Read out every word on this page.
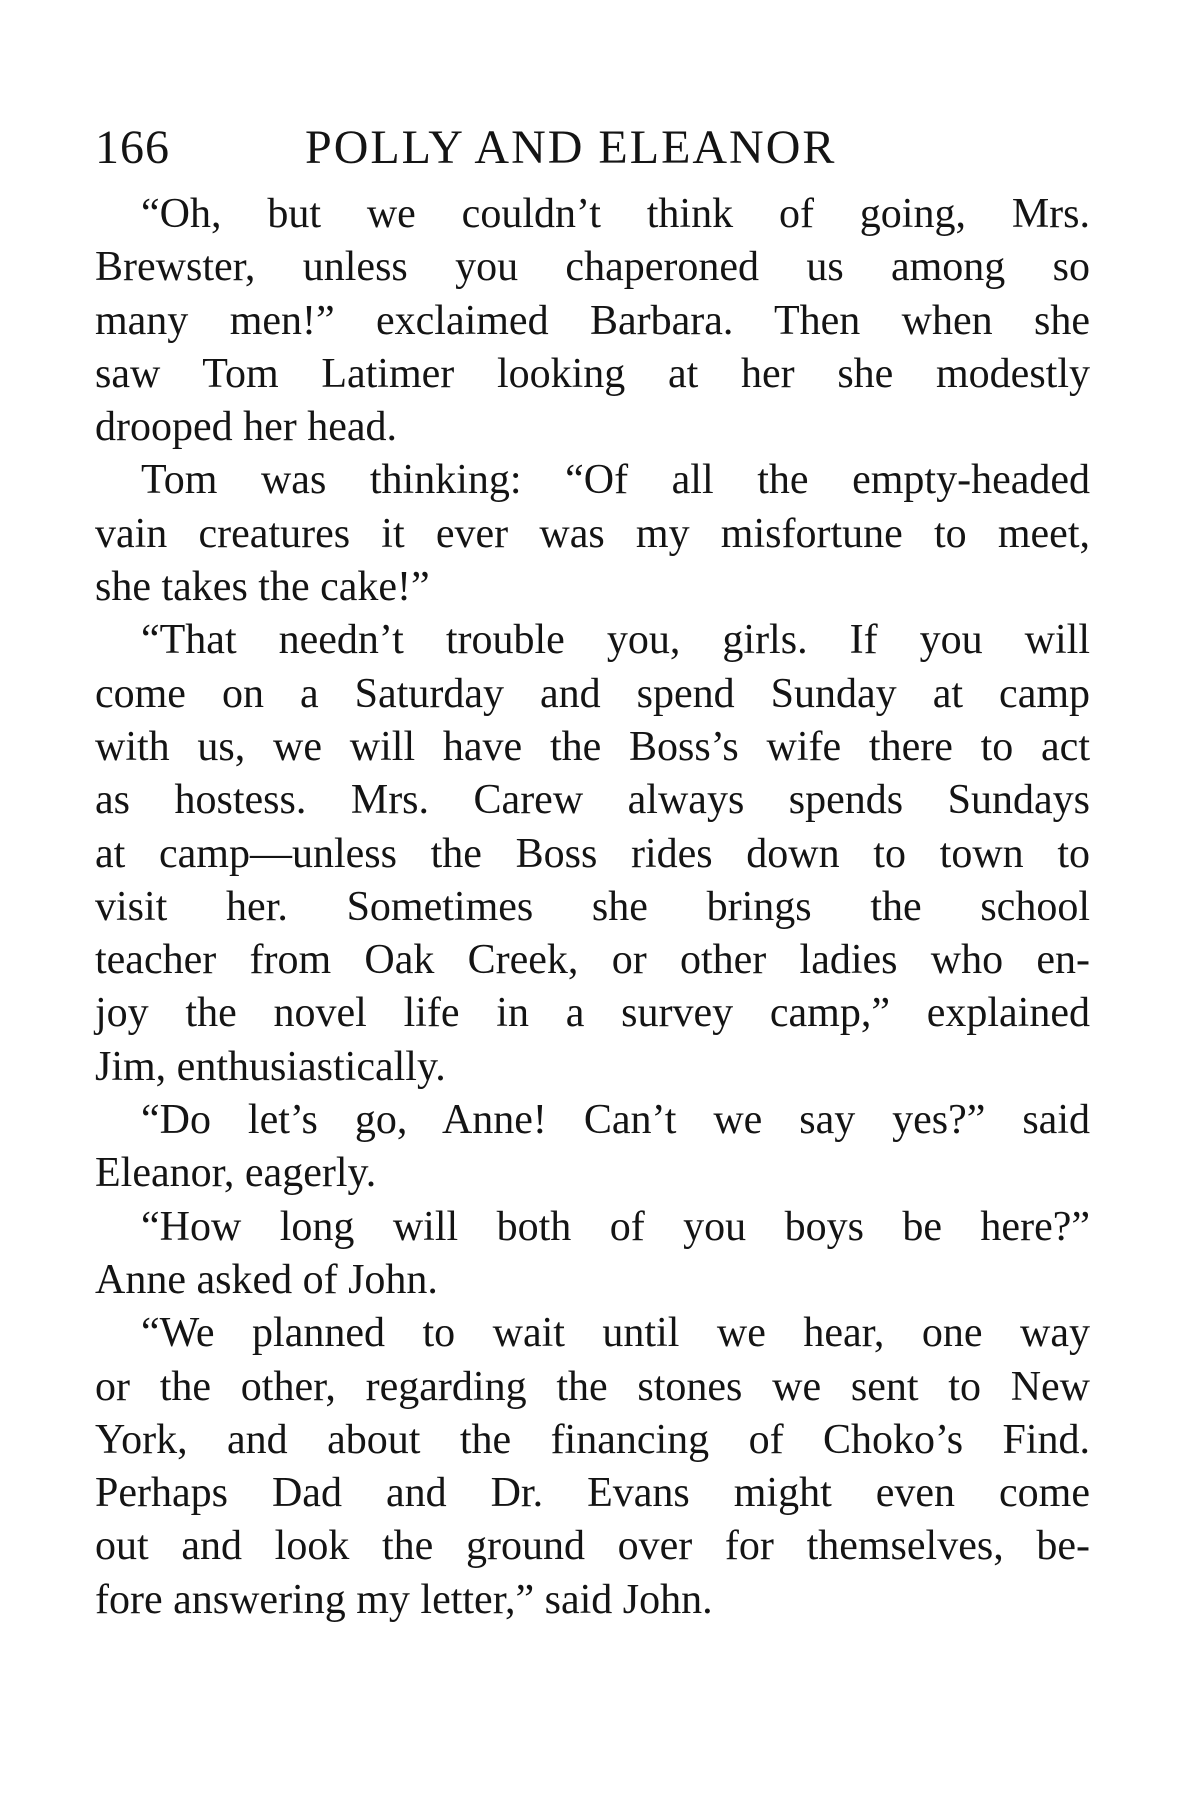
166	POLLY AND ELEANOR

“Oh, but we couldn’t think of going, Mrs.
Brewster, unless you chaperoned us among so
many men!” exclaimed Barbara. Then when she
saw Tom Latimer looking at her she modestly
drooped her head.

Tom was thinking: “Of all the empty-headed
vain creatures it ever was my misfortune to meet,
she takes the cake!”

“That needn’t trouble you, girls. If you will
come on a Saturday and spend Sunday at camp
with us, we will have the Boss’s wife there to act
as hostess. Mrs. Carew always spends Sundays
at camp—unless the Boss rides down to town to
visit her. Sometimes she brings the school
teacher from Oak Creek, or other ladies who en-
joy the novel life in a survey camp,” explained
Jim, enthusiastically.

“Do let’s go, Anne! Can’t we say yes?” said
Eleanor, eagerly.

“How long will both of you boys be here?”
Anne asked of John.

“We planned to wait until we hear, one way
or the other, regarding the stones we sent to New
York, and about the financing of Choko’s Find.
Perhaps Dad and Dr. Evans might even come
out and look the ground over for themselves, be-
fore answering my letter,” said John.
